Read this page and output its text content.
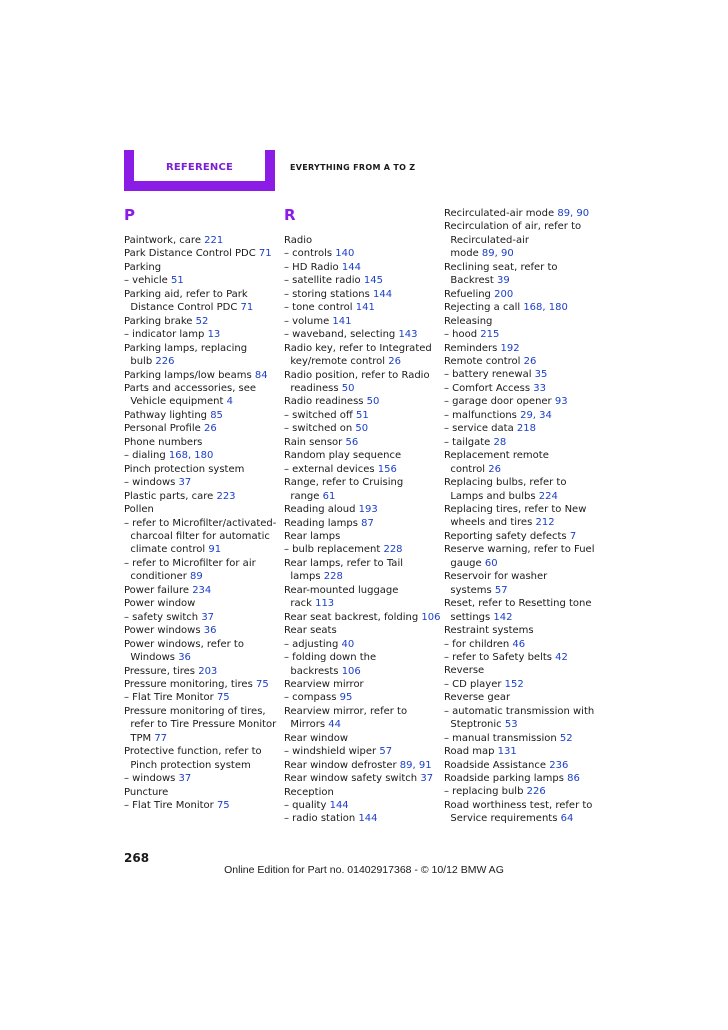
REFERENCE	EVERYTHING FROM A TO Z
P
Paintwork, care 221
Park Distance Control PDC 71
Parking
– vehicle 51
Parking aid, refer to Park
Distance Control PDC 71
Parking brake 52
– indicator lamp 13
Parking lamps, replacing
bulb 226
Parking lamps/low beams 84
Parts and accessories, see
Vehicle equipment 4
Pathway lighting 85
Personal Profile 26
Phone numbers
– dialing 168, 180
Pinch protection system
– windows 37
Plastic parts, care 223
Pollen
– refer to Microfilter/activated-
charcoal filter for automatic
climate control 91
– refer to Microfilter for air
conditioner 89
Power failure 234
Power window
– safety switch 37
Power windows 36
Power windows, refer to
Windows 36
Pressure, tires 203
Pressure monitoring, tires 75
– Flat Tire Monitor 75
Pressure monitoring of tires,
refer to Tire Pressure Monitor
TPM 77
Protective function, refer to
Pinch protection system
– windows 37
Puncture
– Flat Tire Monitor 75
R
Radio
– controls 140
– HD Radio 144
– satellite radio 145
– storing stations 144
– tone control 141
– volume 141
– waveband, selecting 143
Radio key, refer to Integrated
key/remote control 26
Radio position, refer to Radio
readiness 50
Radio readiness 50
– switched off 51
– switched on 50
Rain sensor 56
Random play sequence
– external devices 156
Range, refer to Cruising
range 61
Reading aloud 193
Reading lamps 87
Rear lamps
– bulb replacement 228
Rear lamps, refer to Tail
lamps 228
Rear-mounted luggage
rack 113
Rear seat backrest, folding 106
Rear seats
– adjusting 40
– folding down the
backrests 106
Rearview mirror
– compass 95
Rearview mirror, refer to
Mirrors 44
Rear window
– windshield wiper 57
Rear window defroster 89, 91
Rear window safety switch 37
Reception
– quality 144
– radio station 144
Recirculated-air mode 89, 90
Recirculation of air, refer to
Recirculated-air
mode 89, 90
Reclining seat, refer to
Backrest 39
Refueling 200
Rejecting a call 168, 180
Releasing
– hood 215
Reminders 192
Remote control 26
– battery renewal 35
– Comfort Access 33
– garage door opener 93
– malfunctions 29, 34
– service data 218
– tailgate 28
Replacement remote
control 26
Replacing bulbs, refer to
Lamps and bulbs 224
Replacing tires, refer to New
wheels and tires 212
Reporting safety defects 7
Reserve warning, refer to Fuel
gauge 60
Reservoir for washer
systems 57
Reset, refer to Resetting tone
settings 142
Restraint systems
– for children 46
– refer to Safety belts 42
Reverse
– CD player 152
Reverse gear
– automatic transmission with
Steptronic 53
– manual transmission 52
Road map 131
Roadside Assistance 236
Roadside parking lamps 86
– replacing bulb 226
Road worthiness test, refer to
Service requirements 64
268
Online Edition for Part no. 01402917368 - © 10/12 BMW AG
